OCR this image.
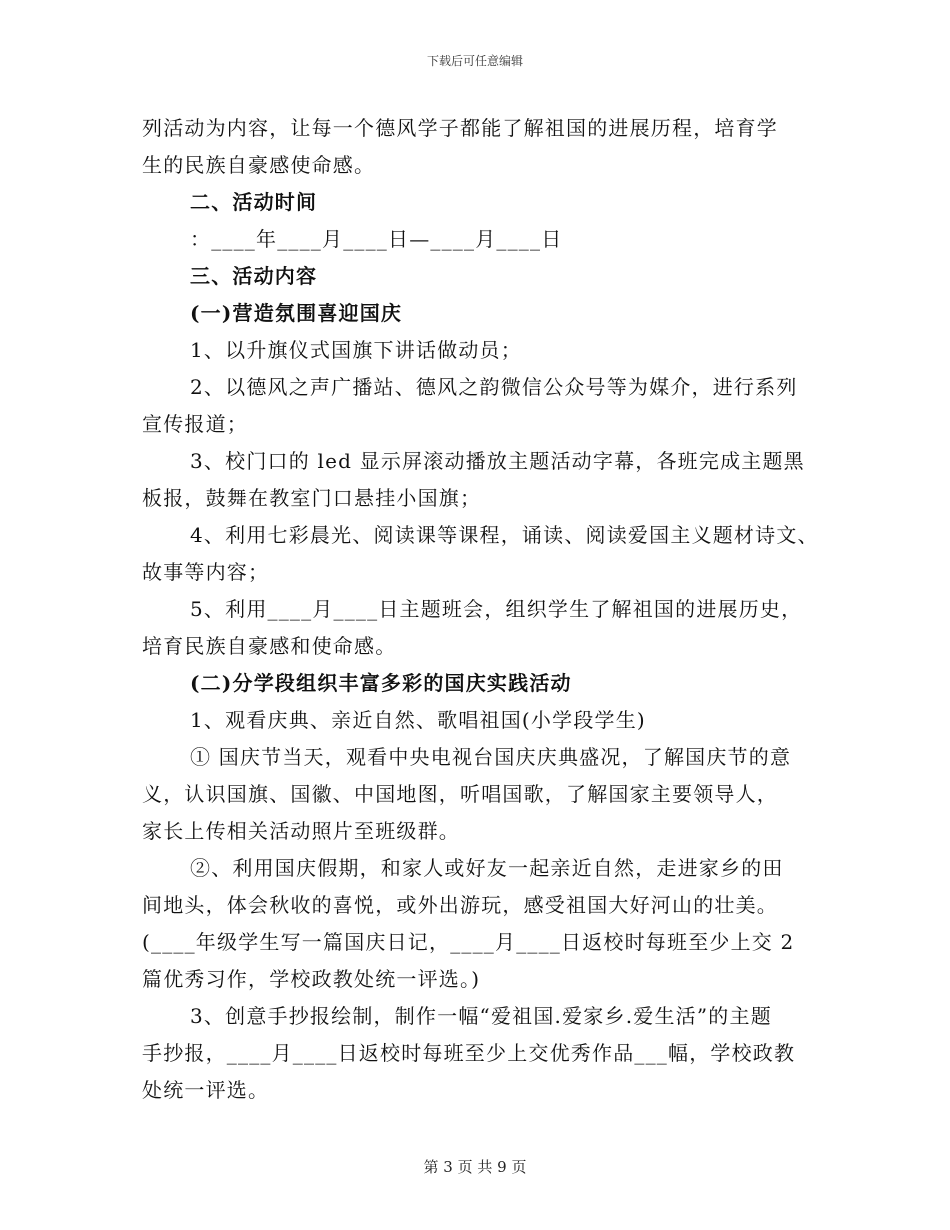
下载后可任意编辑
列活动为内容，让每一个德风学子都能了解祖国的进展历程，培育学
生的民族自豪感使命感。
二、活动时间
：____年____月____日—____月____日
三、活动内容
(一)营造氛围喜迎国庆
1、以升旗仪式国旗下讲话做动员；
2、以德风之声广播站、德风之韵微信公众号等为媒介，进行系列
宣传报道；
3、校门口的 led 显示屏滚动播放主题活动字幕，各班完成主题黑
板报，鼓舞在教室门口悬挂小国旗；
4、利用七彩晨光、阅读课等课程，诵读、阅读爱国主义题材诗文、
故事等内容；
5、利用____月____日主题班会，组织学生了解祖国的进展历史，
培育民族自豪感和使命感。
(二)分学段组织丰富多彩的国庆实践活动
1、观看庆典、亲近自然、歌唱祖国(小学段学生)
① 国庆节当天，观看中央电视台国庆庆典盛况，了解国庆节的意
义，认识国旗、国徽、中国地图，听唱国歌，了解国家主要领导人，
家长上传相关活动照片至班级群。
②、利用国庆假期，和家人或好友一起亲近自然，走进家乡的田
间地头，体会秋收的喜悦，或外出游玩，感受祖国大好河山的壮美。
(____年级学生写一篇国庆日记，____月____日返校时每班至少上交 2
篇优秀习作，学校政教处统一评选。)
3、创意手抄报绘制，制作一幅“爱祖国.爱家乡.爱生活”的主题
手抄报，____月____日返校时每班至少上交优秀作品___幅，学校政教
处统一评选。
第 3 页 共 9 页
